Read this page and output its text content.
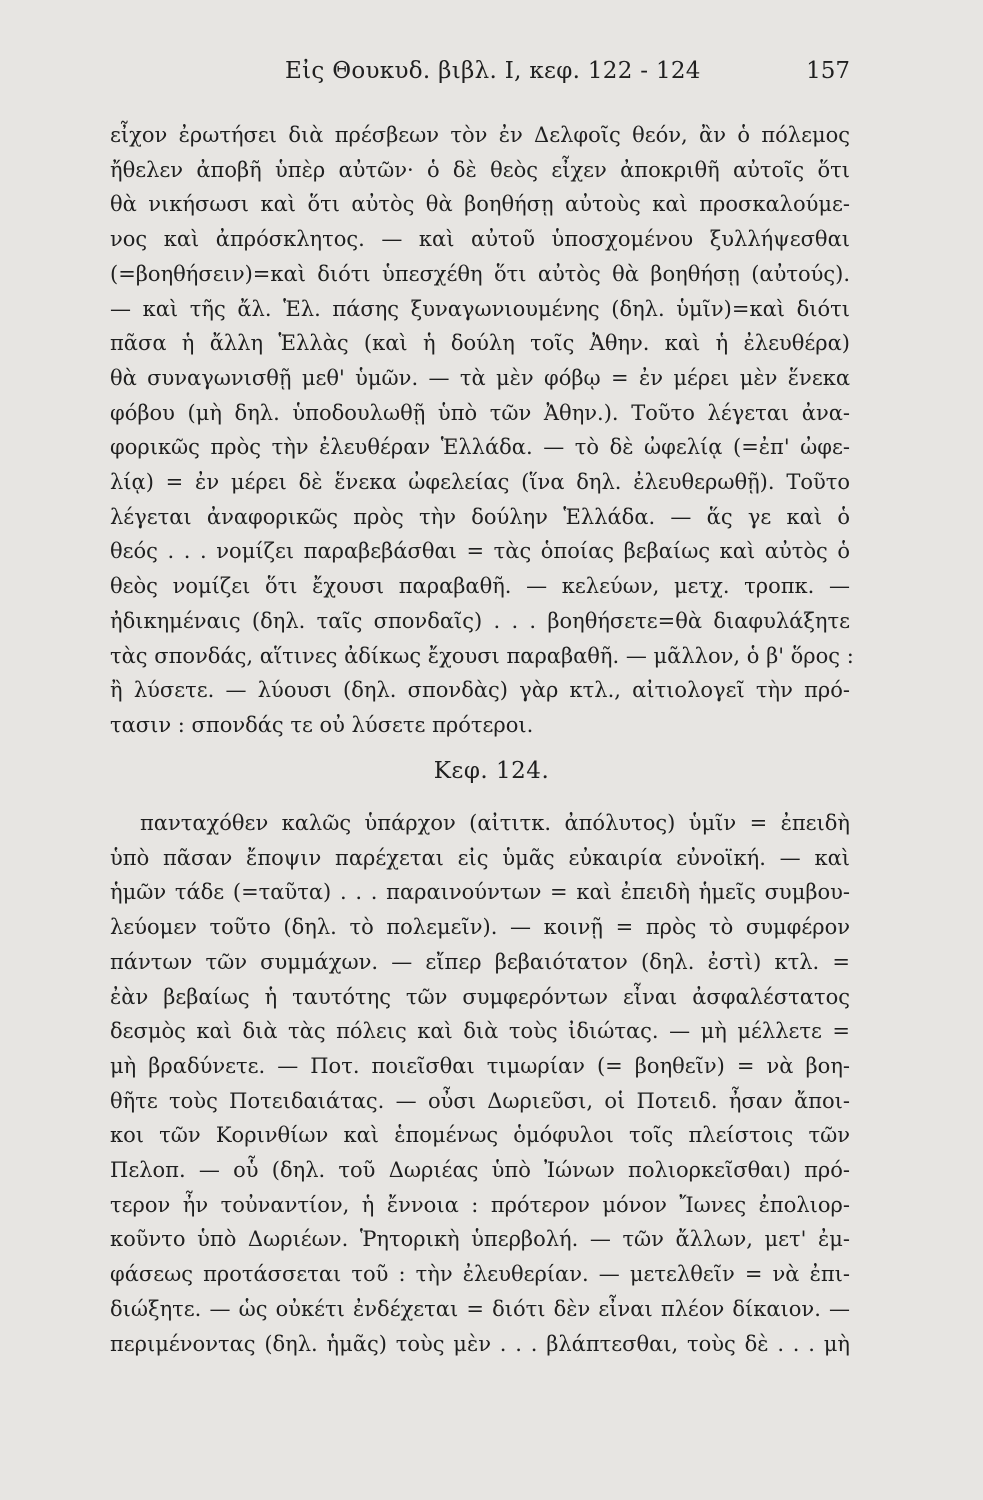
Εἰς Θουκυδ. βιβλ. Ι, κεφ. 122 - 124	157
εἶχον ἐρωτήσει διὰ πρέσβεων τὸν ἐν Δελφοῖς θεόν, ἂν ὁ πόλεμος
ἤθελεν ἀποβῆ ὑπὲρ αὐτῶν· ὁ δὲ θεὸς εἶχεν ἀποκριθῆ αὐτοῖς ὅτι
θὰ νικήσωσι καὶ ὅτι αὐτὸς θὰ βοηθήσῃ αὐτοὺς καὶ προσκαλούμε-
νος καὶ ἀπρόσκλητος. — καὶ αὐτοῦ ὑποσχομένου ξυλλήψεσθαι
(=βοηθήσειν)=καὶ διότι ὑπεσχέθη ὅτι αὐτὸς θὰ βοηθήσῃ (αὐτούς).
— καὶ τῆς ἄλ. Ἑλ. πάσης ξυναγωνιουμένης (δηλ. ὑμῖν)=καὶ διότι
πᾶσα ἡ ἄλλη Ἑλλὰς (καὶ ἡ δούλη τοῖς Ἀθην. καὶ ἡ ἐλευθέρα)
θὰ συναγωνισθῇ μεθ' ὑμῶν. — τὰ μὲν φόβῳ = ἐν μέρει μὲν ἕνεκα
φόβου (μὴ δηλ. ὑποδουλωθῇ ὑπὸ τῶν Ἀθην.). Τοῦτο λέγεται ἀνα-
φορικῶς πρὸς τὴν ἐλευθέραν Ἑλλάδα. — τὸ δὲ ὠφελίᾳ (=ἐπ' ὠφε-
λίᾳ) = ἐν μέρει δὲ ἕνεκα ὠφελείας (ἵνα δηλ. ἐλευθερωθῇ). Τοῦτο
λέγεται ἀναφορικῶς πρὸς τὴν δούλην Ἑλλάδα. — ἅς γε καὶ ὁ
θεός . . . νομίζει παραβεβάσθαι = τὰς ὁποίας βεβαίως καὶ αὐτὸς ὁ
θεὸς νομίζει ὅτι ἔχουσι παραβαθῆ. — κελεύων, μετχ. τροπκ. —
ἠδικημέναις (δηλ. ταῖς σπονδαῖς) . . . βοηθήσετε=θὰ διαφυλάξητε
τὰς σπονδάς, αἵτινες ἀδίκως ἔχουσι παραβαθῆ. — μᾶλλον, ὁ β' ὅρος :
ἢ λύσετε. — λύουσι (δηλ. σπονδὰς) γὰρ κτλ., αἰτιολογεῖ τὴν πρό-
τασιν : σπονδάς τε οὐ λύσετε πρότεροι.
Κεφ. 124.
πανταχόθεν καλῶς ὑπάρχον (αἰτιτκ. ἀπόλυτος) ὑμῖν = ἐπειδὴ
ὑπὸ πᾶσαν ἔποψιν παρέχεται εἰς ὑμᾶς εὐκαιρία εὐνοϊκή. — καὶ
ἡμῶν τάδε (=ταῦτα) . . . παραινούντων = καὶ ἐπειδὴ ἡμεῖς συμβου-
λεύομεν τοῦτο (δηλ. τὸ πολεμεῖν). — κοινῇ = πρὸς τὸ συμφέρον
πάντων τῶν συμμάχων. — εἴπερ βεβαιότατον (δηλ. ἐστὶ) κτλ. =
ἐὰν βεβαίως ἡ ταυτότης τῶν συμφερόντων εἶναι ἀσφαλέστατος
δεσμὸς καὶ διὰ τὰς πόλεις καὶ διὰ τοὺς ἰδιώτας. — μὴ μέλλετε =
μὴ βραδύνετε. — Ποτ. ποιεῖσθαι τιμωρίαν (= βοηθεῖν) = νὰ βοη-
θῆτε τοὺς Ποτειδαιάτας. — οὖσι Δωριεῦσι, οἱ Ποτειδ. ἦσαν ἄποι-
κοι τῶν Κορινθίων καὶ ἑπομένως ὁμόφυλοι τοῖς πλείστοις τῶν
Πελοπ. — οὗ (δηλ. τοῦ Δωριέας ὑπὸ Ἰώνων πολιορκεῖσθαι) πρό-
τερον ἦν τοὐναντίον, ἡ ἔννοια : πρότερον μόνον Ἴωνες ἐπολιορ-
κοῦντο ὑπὸ Δωριέων. Ῥητορικὴ ὑπερβολή. — τῶν ἄλλων, μετ' ἐμ-
φάσεως προτάσσεται τοῦ : τὴν ἐλευθερίαν. — μετελθεῖν = νὰ ἐπι-
διώξητε. — ὡς οὐκέτι ἐνδέχεται = διότι δὲν εἶναι πλέον δίκαιον. —
περιμένοντας (δηλ. ἡμᾶς) τοὺς μὲν . . . βλάπτεσθαι, τοὺς δὲ . . . μὴ
